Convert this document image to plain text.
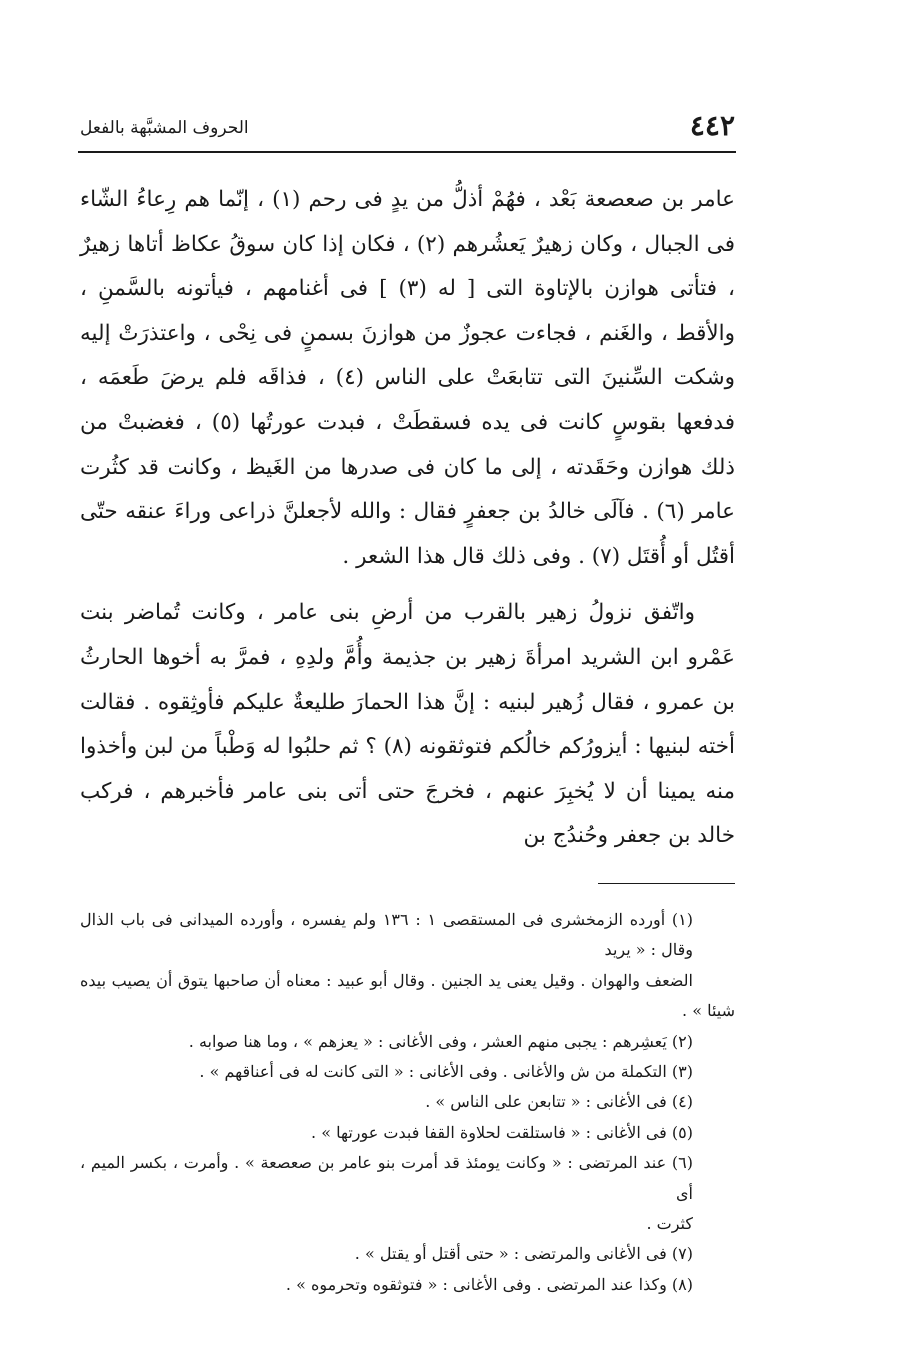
٤٤٢
الحروف المشبَّهة بالفعل

عامر بن صعصعة بَعْد ، فهُمْ أذلُّ من يدٍ فى رحم (١) ، إنّما هم رِعاءُ الشّاء فى الجبال ، وكان زهيرٌ يَعشُرهم (٢) ، فكان إذا كان سوقُ عكاظ أتاها زهيرٌ ، فتأتى هوازن بالإتاوة التى [ له (٣) ] فى أغنامهم ، فيأتونه بالسَّمنِ ، والأقط ، والغَنم ، فجاءت عجوزٌ من هوازنَ بسمنٍ فى نِحْى ، واعتذرَتْ إليه وشكت السِّنينَ التى تتابعَتْ على الناس (٤) ، فذاقَه فلم يرضَ طَعمَه ، فدفعها بقوسٍ كانت فى يده فسقطَتْ ، فبدت عورتُها (٥) ، فغضبتْ من ذلك هوازن وحَقَدته ، إلى ما كان فى صدرها من الغَيظ ، وكانت قد كثُرت عامر (٦) . فآلَى خالدُ بن جعفرٍ فقال : والله لأجعلنَّ ذراعى وراءَ عنقه حتّى أقتُل أو أُقتَل (٧) . وفى ذلك قال هذا الشعر .

واتّفق نزولُ زهير بالقرب من أرضِ بنى عامر ، وكانت تُماضر بنت عَمْرو ابن الشريد امرأةَ زهير بن جذيمة وأُمَّ ولدِهِ ، فمرَّ به أخوها الحارثُ بن عمرو ، فقال زُهير لبنيه : إنَّ هذا الحمارَ طليعةٌ عليكم فأوثِقوه . فقالت أخته لبنيها : أيزورُكم خالُكم فتوثقونه (٨) ؟ ثم حلبُوا له وَطْباً من لبن وأخذوا منه يمينا أن لا يُخبِرَ عنهم ، فخرجَ حتى أتى بنى عامر فأخبرهم ، فركب خالد بن جعفر وحُندُج بن

(١) أورده الزمخشرى فى المستقصى ١ : ١٣٦ ولم يفسره ، وأورده الميدانى فى باب الذال وقال : « يريد

الضعف والهوان . وقيل يعنى يد الجنين . وقال أبو عبيد : معناه أن صاحبها يتوق أن يصيب بيده شيئا » .

(٢) يَعشِرهم : يجبى منهم العشر ، وفى الأغانى : « يعزهم » ، وما هنا صوابه .

(٣) التكملة من ش والأغانى . وفى الأغانى : « التى كانت له فى أعناقهم » .

(٤) فى الأغانى : « تتابعن على الناس » .

(٥) فى الأغانى : « فاستلقت لحلاوة القفا فبدت عورتها » .

(٦) عند المرتضى : « وكانت يومئذ قد أمرت بنو عامر بن صعصعة » . وأمرت ، بكسر الميم ، أى

كثرت .

(٧) فى الأغانى والمرتضى : « حتى أقتل أو يقتل » .

(٨) وكذا عند المرتضى . وفى الأغانى : « فتوثقوه وتحرموه » .
